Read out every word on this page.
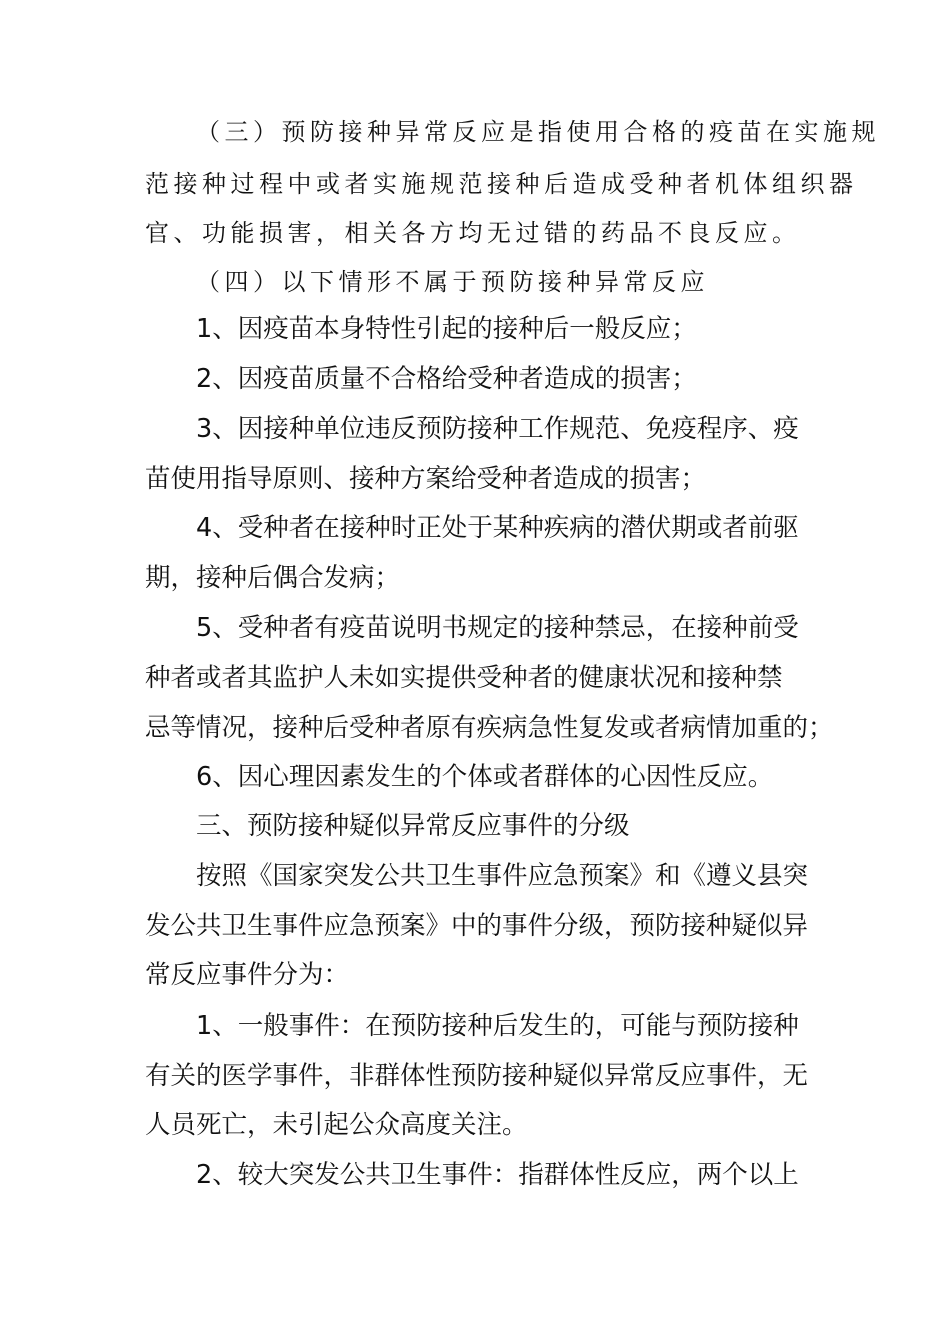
（三）预防接种异常反应是指使用合格的疫苗在实施规
范接种过程中或者实施规范接种后造成受种者机体组织器
官、功能损害，相关各方均无过错的药品不良反应。
（四）以下情形不属于预防接种异常反应
1、因疫苗本身特性引起的接种后一般反应；
2、因疫苗质量不合格给受种者造成的损害；
3、因接种单位违反预防接种工作规范、免疫程序、疫
苗使用指导原则、接种方案给受种者造成的损害；
4、受种者在接种时正处于某种疾病的潜伏期或者前驱
期，接种后偶合发病；
5、受种者有疫苗说明书规定的接种禁忌，在接种前受
种者或者其监护人未如实提供受种者的健康状况和接种禁
忌等情况，接种后受种者原有疾病急性复发或者病情加重的；
6、因心理因素发生的个体或者群体的心因性反应。
三、预防接种疑似异常反应事件的分级
按照《国家突发公共卫生事件应急预案》和《遵义县突
发公共卫生事件应急预案》中的事件分级，预防接种疑似异
常反应事件分为：
1、一般事件：在预防接种后发生的，可能与预防接种
有关的医学事件，非群体性预防接种疑似异常反应事件，无
人员死亡，未引起公众高度关注。
2、较大突发公共卫生事件：指群体性反应，两个以上
